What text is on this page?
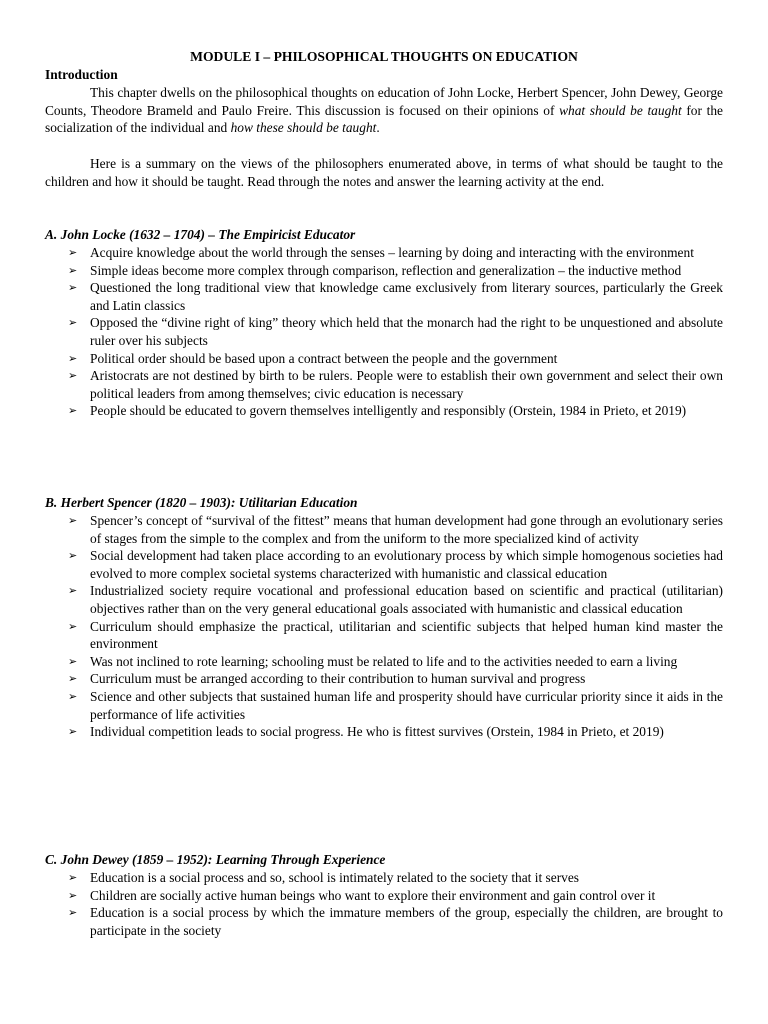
MODULE I – PHILOSOPHICAL THOUGHTS ON EDUCATION
Introduction

This chapter dwells on the philosophical thoughts on education of John Locke, Herbert Spencer, John Dewey, George Counts, Theodore Brameld and Paulo Freire. This discussion is focused on their opinions of what should be taught for the socialization of the individual and how these should be taught.

Here is a summary on the views of the philosophers enumerated above, in terms of what should be taught to the children and how it should be taught. Read through the notes and answer the learning activity at the end.

A. John Locke (1632 – 1704) – The Empiricist Educator
➢ Acquire knowledge about the world through the senses – learning by doing and interacting with the environment
➢ Simple ideas become more complex through comparison, reflection and generalization – the inductive method
➢ Questioned the long traditional view that knowledge came exclusively from literary sources, particularly the Greek and Latin classics
➢ Opposed the “divine right of king” theory which held that the monarch had the right to be unquestioned and absolute ruler over his subjects
➢ Political order should be based upon a contract between the people and the government
➢ Aristocrats are not destined by birth to be rulers. People were to establish their own government and select their own political leaders from among themselves; civic education is necessary
➢ People should be educated to govern themselves intelligently and responsibly (Orstein, 1984 in Prieto, et 2019)
B. Herbert Spencer (1820 – 1903): Utilitarian Education
➢ Spencer’s concept of “survival of the fittest” means that human development had gone through an evolutionary series of stages from the simple to the complex and from the uniform to the more specialized kind of activity
➢ Social development had taken place according to an evolutionary process by which simple homogenous societies had evolved to more complex societal systems characterized with humanistic and classical education
➢ Industrialized society require vocational and professional education based on scientific and practical (utilitarian) objectives rather than on the very general educational goals associated with humanistic and classical education
➢ Curriculum should emphasize the practical, utilitarian and scientific subjects that helped human kind master the environment
➢ Was not inclined to rote learning; schooling must be related to life and to the activities needed to earn a living
➢ Curriculum must be arranged according to their contribution to human survival and progress
➢ Science and other subjects that sustained human life and prosperity should have curricular priority since it aids in the performance of life activities
➢ Individual competition leads to social progress. He who is fittest survives (Orstein, 1984 in Prieto, et 2019)
C. John Dewey (1859 – 1952): Learning Through Experience
➢ Education is a social process and so, school is intimately related to the society that it serves
➢ Children are socially active human beings who want to explore their environment and gain control over it
➢ Education is a social process by which the immature members of the group, especially the children, are brought to participate in the society
